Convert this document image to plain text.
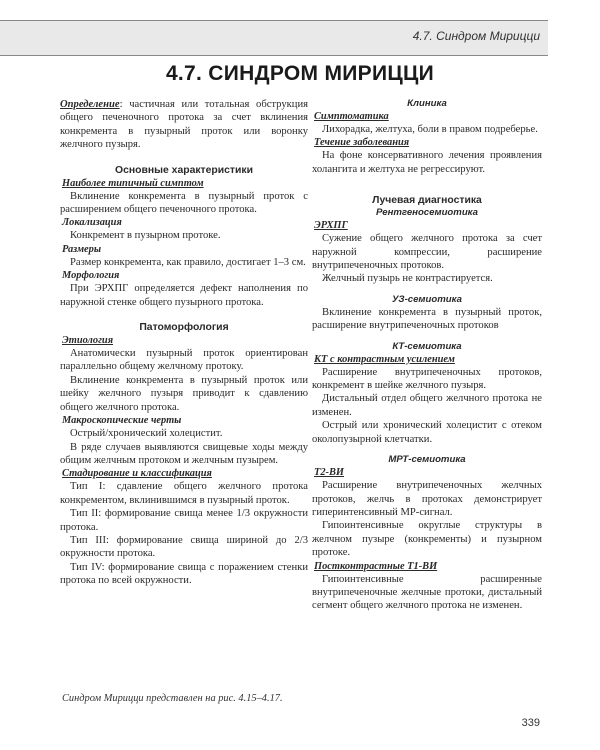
4.7. Синдром Мирицци
4.7. СИНДРОМ МИРИЦЦИ

Определение: частичная или тотальная обструкция общего печеночного протока за счет вклинения конкремента в пузырный проток или воронку желчного пузыря.

Основные характеристики
Наиболее типичный симптом

Вклинение конкремента в пузырный проток с расширением общего печеночного протока.

Локализация

Конкремент в пузырном протоке.

Размеры

Размер конкремента, как правило, достигает 1–3 см.

Морфология

При ЭРХПГ определяется дефект наполнения по наружной стенке общего пузырного протока.

Патоморфология
Этиология

Анатомически пузырный проток ориентирован параллельно общему желчному протоку.

Вклинение конкремента в пузырный проток или шейку желчного пузыря приводит к сдавлению общего желчного протока.

Макроскопические черты

Острый/хронический холецистит.

В ряде случаев выявляются свищевые ходы между общим желчным протоком и желчным пузырем.

Стадирование и классификация

Тип I: сдавление общего желчного протока конкрементом, вклинившимся в пузырный проток.

Тип II: формирование свища менее 1/3 окружности протока.

Тип III: формирование свища шириной до 2/3 окружности протока.

Тип IV: формирование свища с поражением стенки протока по всей окружности.

Клиника
Симптоматика

Лихорадка, желтуха, боли в правом подреберье.

Течение заболевания

На фоне консервативного лечения проявления холангита и желтуха не регрессируют.

Лучевая диагностика
Рентгеносемиотика
ЭРХПГ

Сужение общего желчного протока за счет наружной компрессии, расширение внутрипеченочных протоков.

Желчный пузырь не контрастируется.

УЗ-семиотика

Вклинение конкремента в пузырный проток, расширение внутрипеченочных протоков

КТ-семиотика
КТ с контрастным усилением

Расширение внутрипеченочных протоков, конкремент в шейке желчного пузыря.

Дистальный отдел общего желчного протока не изменен.

Острый или хронический холецистит с отеком околопузырной клетчатки.

МРТ-семиотика
Т2-ВИ

Расширение внутрипеченочных желчных протоков, желчь в протоках демонстрирует гиперинтенсивный МР-сигнал.

Гипоинтенсивные округлые структуры в желчном пузыре (конкременты) и пузырном протоке.

Постконтрастные Т1-ВИ

Гипоинтенсивные расширенные внутрипеченочные желчные протоки, дистальный сегмент общего желчного протока не изменен.

Синдром Мирицци представлен на рис. 4.15–4.17.
339
